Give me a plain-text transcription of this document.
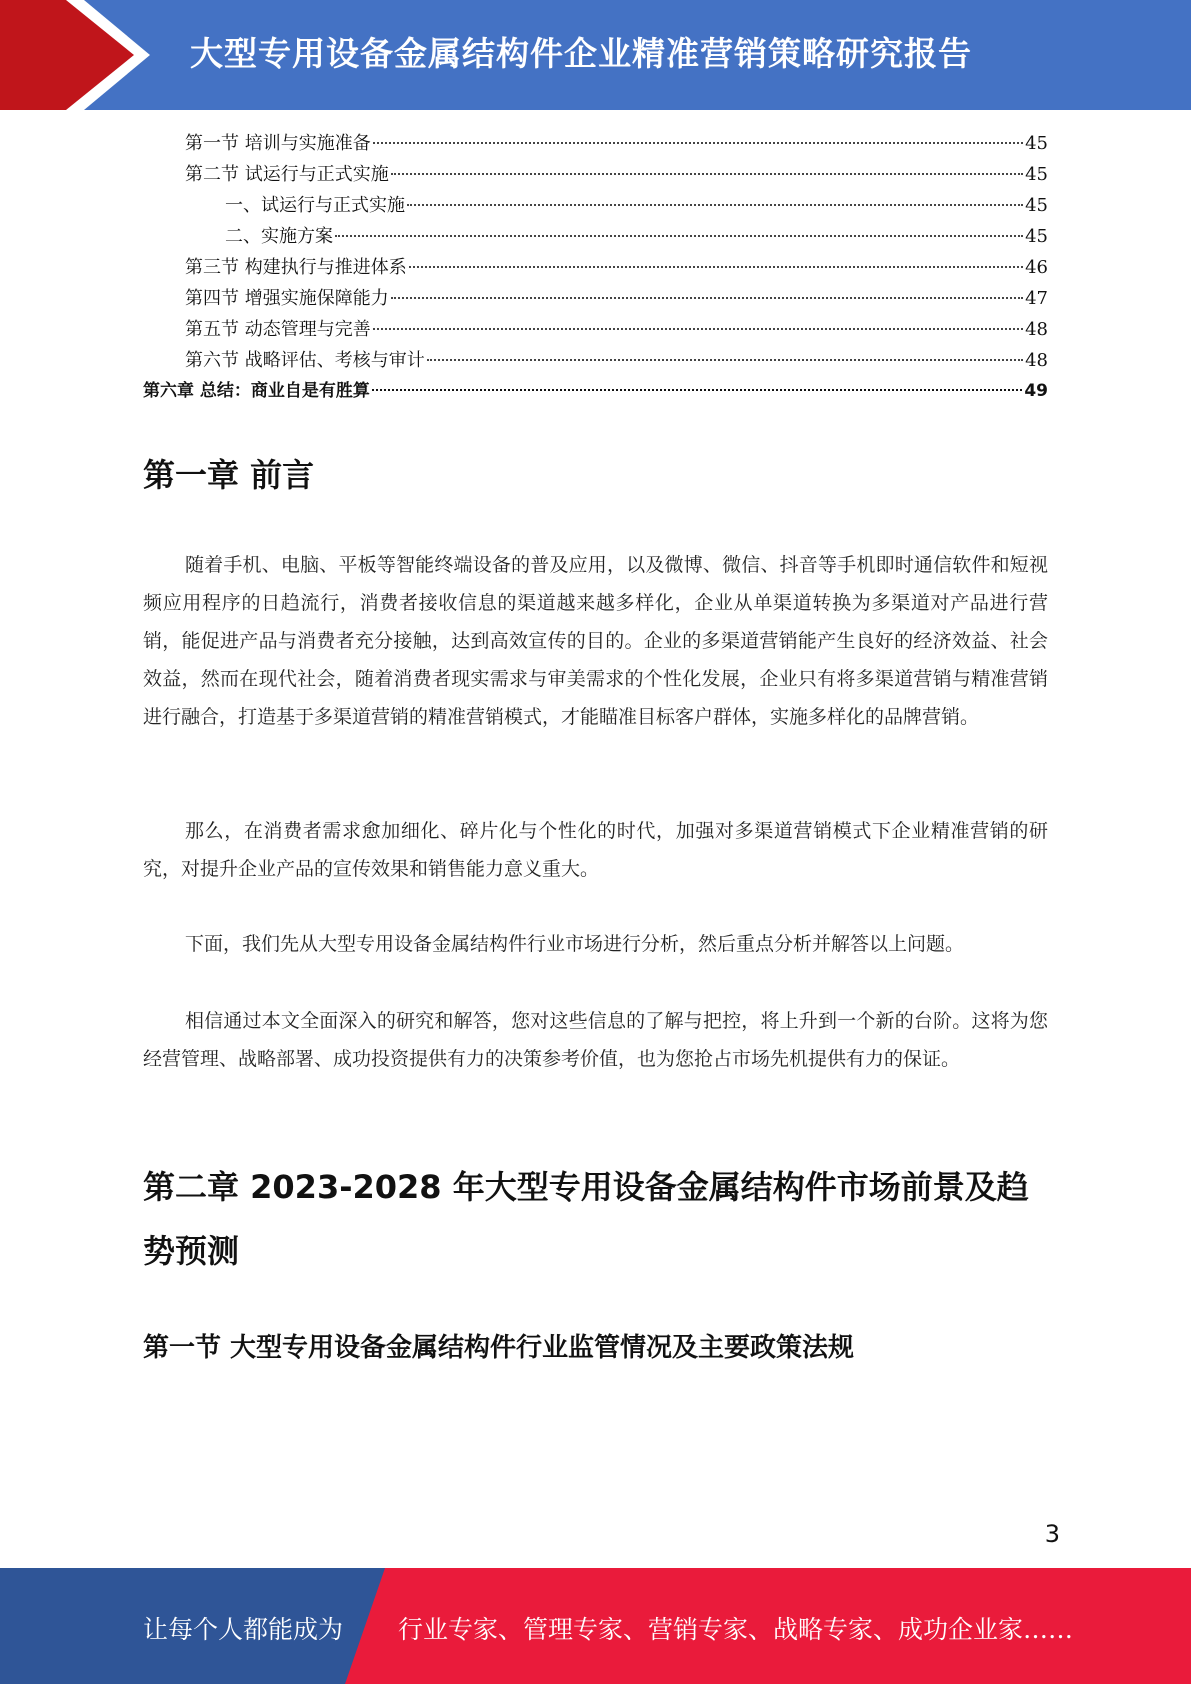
大型专用设备金属结构件企业精准营销策略研究报告
第一节 培训与实施准备	45
第二节 试运行与正式实施	45
一、试运行与正式实施	45
二、实施方案	45
第三节 构建执行与推进体系	46
第四节 增强实施保障能力	47
第五节 动态管理与完善	48
第六节 战略评估、考核与审计	48
第六章 总结：商业自是有胜算	49
第一章 前言

随着手机、电脑、平板等智能终端设备的普及应用，以及微博、微信、抖音等手机即时通信软件和短视频应用程序的日趋流行，消费者接收信息的渠道越来越多样化，企业从单渠道转换为多渠道对产品进行营销，能促进产品与消费者充分接触，达到高效宣传的目的。企业的多渠道营销能产生良好的经济效益、社会效益，然而在现代社会，随着消费者现实需求与审美需求的个性化发展，企业只有将多渠道营销与精准营销进行融合，打造基于多渠道营销的精准营销模式，才能瞄准目标客户群体，实施多样化的品牌营销。

那么，在消费者需求愈加细化、碎片化与个性化的时代，加强对多渠道营销模式下企业精准营销的研究，对提升企业产品的宣传效果和销售能力意义重大。

下面，我们先从大型专用设备金属结构件行业市场进行分析，然后重点分析并解答以上问题。

相信通过本文全面深入的研究和解答，您对这些信息的了解与把控，将上升到一个新的台阶。这将为您经营管理、战略部署、成功投资提供有力的决策参考价值，也为您抢占市场先机提供有力的保证。

第二章 2023-2028 年大型专用设备金属结构件市场前景及趋势预测
第一节 大型专用设备金属结构件行业监管情况及主要政策法规
3
让每个人都能成为 行业专家、管理专家、营销专家、战略专家、成功企业家……
